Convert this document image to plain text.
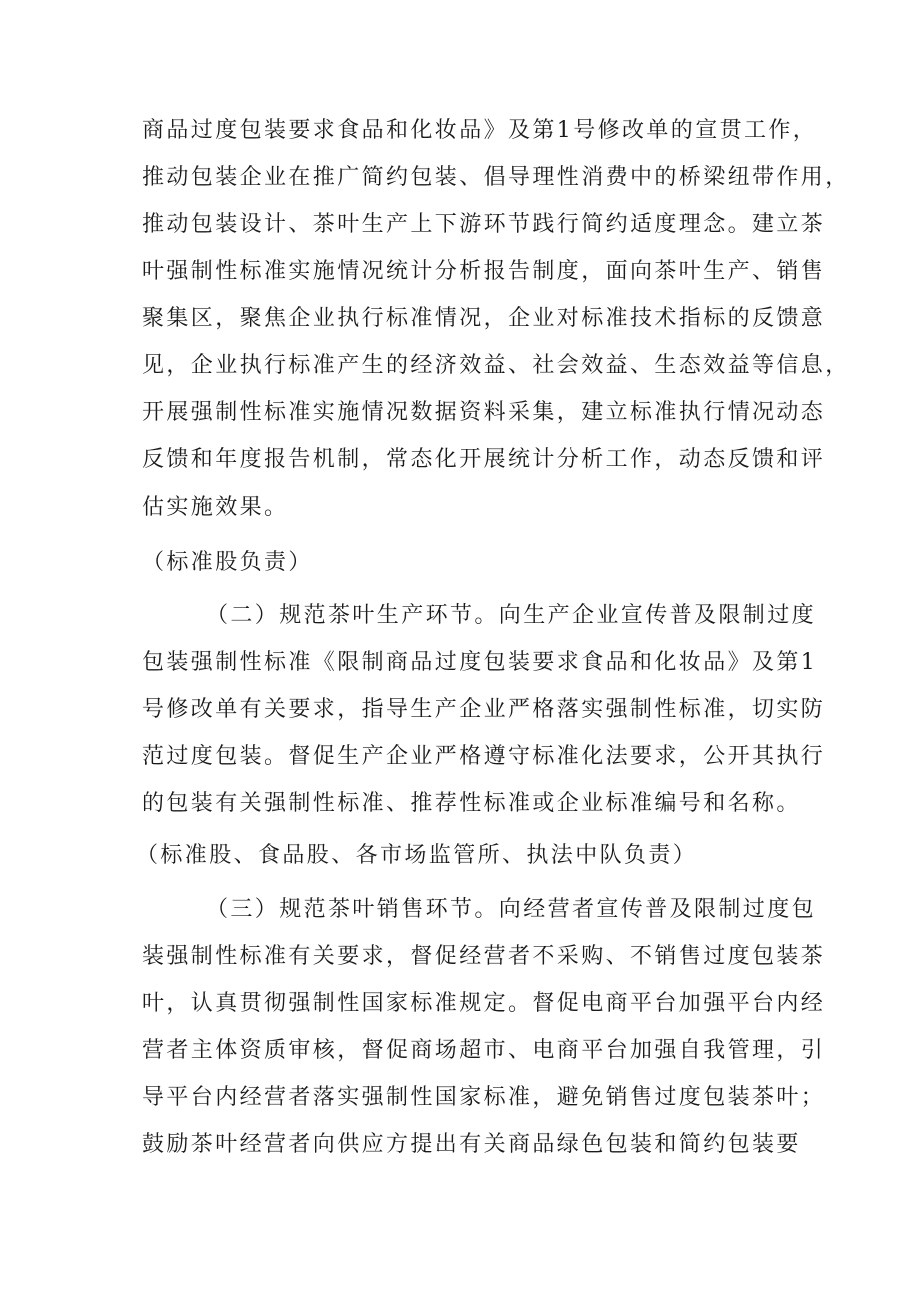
商品过度包装要求食品和化妆品》及第1号修改单的宣贯工作，
推动包装企业在推广简约包装、倡导理性消费中的桥梁纽带作用，
推动包装设计、茶叶生产上下游环节践行简约适度理念。建立茶
叶强制性标准实施情况统计分析报告制度，面向茶叶生产、销售
聚集区，聚焦企业执行标准情况，企业对标准技术指标的反馈意
见，企业执行标准产生的经济效益、社会效益、生态效益等信息，
开展强制性标准实施情况数据资料采集，建立标准执行情况动态
反馈和年度报告机制，常态化开展统计分析工作，动态反馈和评
估实施效果。
（标准股负责）
（二）规范茶叶生产环节。向生产企业宣传普及限制过度
包装强制性标准《限制商品过度包装要求食品和化妆品》及第1
号修改单有关要求，指导生产企业严格落实强制性标准，切实防
范过度包装。督促生产企业严格遵守标准化法要求，公开其执行
的包装有关强制性标准、推荐性标准或企业标准编号和名称。
（标准股、食品股、各市场监管所、执法中队负责）
（三）规范茶叶销售环节。向经营者宣传普及限制过度包
装强制性标准有关要求，督促经营者不采购、不销售过度包装茶
叶，认真贯彻强制性国家标准规定。督促电商平台加强平台内经
营者主体资质审核，督促商场超市、电商平台加强自我管理，引
导平台内经营者落实强制性国家标准，避免销售过度包装茶叶；
鼓励茶叶经营者向供应方提出有关商品绿色包装和简约包装要
